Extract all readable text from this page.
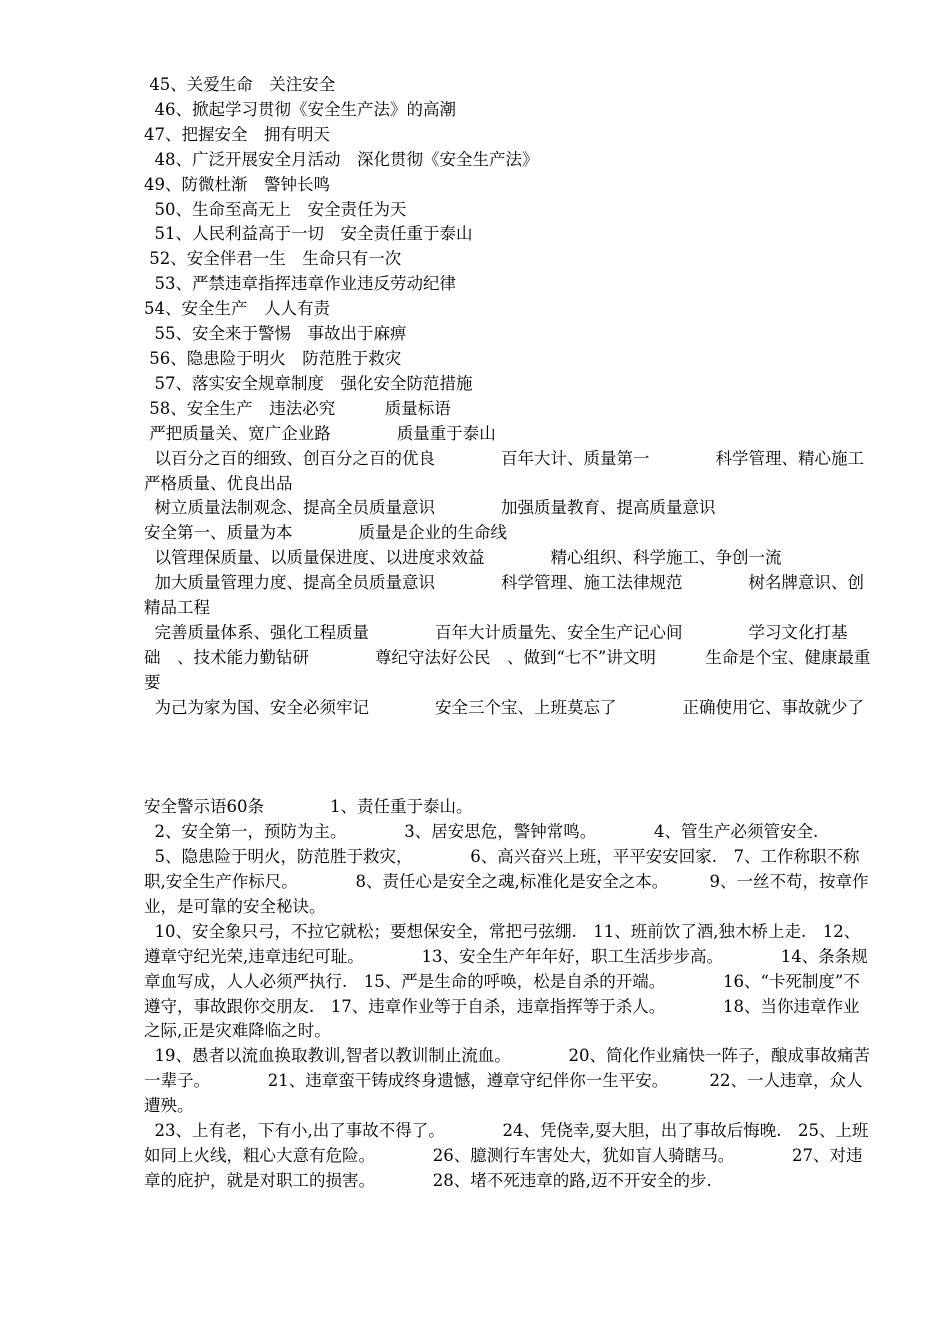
45、关爱生命　关注安全

46、掀起学习贯彻《安全生产法》的高潮

47、把握安全　拥有明天

48、广泛开展安全月活动　深化贯彻《安全生产法》

49、防微杜渐　警钟长鸣

50、生命至高无上　安全责任为天

51、人民利益高于一切　安全责任重于泰山

52、安全伴君一生　生命只有一次

53、严禁违章指挥违章作业违反劳动纪律

54、安全生产　人人有责

55、安全来于警惕　事故出于麻痹

56、隐患险于明火　防范胜于救灾

57、落实安全规章制度　强化安全防范措施

58、安全生产　违法必究　　　质量标语

严把质量关、宽广企业路　　　　质量重于泰山

以百分之百的细致、创百分之百的优良　　　　百年大计、质量第一　　　　科学管理、精心施工　　　　严格质量、优良出品

树立质量法制观念、提高全员质量意识　　　　加强质量教育、提高质量意识

安全第一、质量为本　　　　质量是企业的生命线

以管理保质量、以质量保进度、以进度求效益　　　　精心组织、科学施工、争创一流

加大质量管理力度、提高全员质量意识　　　　科学管理、施工法律规范　　　　树名牌意识、创精品工程

完善质量体系、强化工程质量　　　　百年大计质量先、安全生产记心间　　　　学习文化打基础　、技术能力勤钻研　　　　尊纪守法好公民　、做到“七不”讲文明　　　生命是个宝、健康最重要

为己为家为国、安全必须牢记　　　　安全三个宝、上班莫忘了　　　　正确使用它、事故就少了

安全警示语60条　　　　1、责任重于泰山。

2、安全第一，预防为主。　　　　3、居安思危，警钟常鸣。　　　　4、管生产必须管安全.

5、隐患险于明火，防范胜于救灾，　　　　6、高兴奋兴上班，平平安安回家.　7、工作称职不称职,安全生产作标尺。　　　　8、责任心是安全之魂,标准化是安全之本。　　　9、一丝不苟，按章作业，是可靠的安全秘诀。

10、安全象只弓，不拉它就松；要想保安全，常把弓弦绷.　11、班前饮了酒,独木桥上走.　12、遵章守纪光荣,违章违纪可耻。　　　　13、安全生产年年好，职工生活步步高。　　　　14、条条规章血写成，人人必须严执行.　15、严是生命的呼唤，松是自杀的开端。　　　　16、“卡死制度”不遵守，事故跟你交朋友.　17、违章作业等于自杀，违章指挥等于杀人。　　　　18、当你违章作业之际,正是灾难降临之时。

19、愚者以流血换取教训,智者以教训制止流血。　　　　20、简化作业痛快一阵子，酿成事故痛苦一辈子。　　　　21、违章蛮干铸成终身遗憾，遵章守纪伴你一生平安。　　　22、一人违章，众人遭殃。

23、上有老，下有小,出了事故不得了。　　　　24、凭侥幸,耍大胆，出了事故后悔晚.　25、上班如同上火线，粗心大意有危险。　　　　26、臆测行车害处大，犹如盲人骑瞎马。　　　　27、对违章的庇护，就是对职工的损害。　　　　28、堵不死违章的路,迈不开安全的步.
